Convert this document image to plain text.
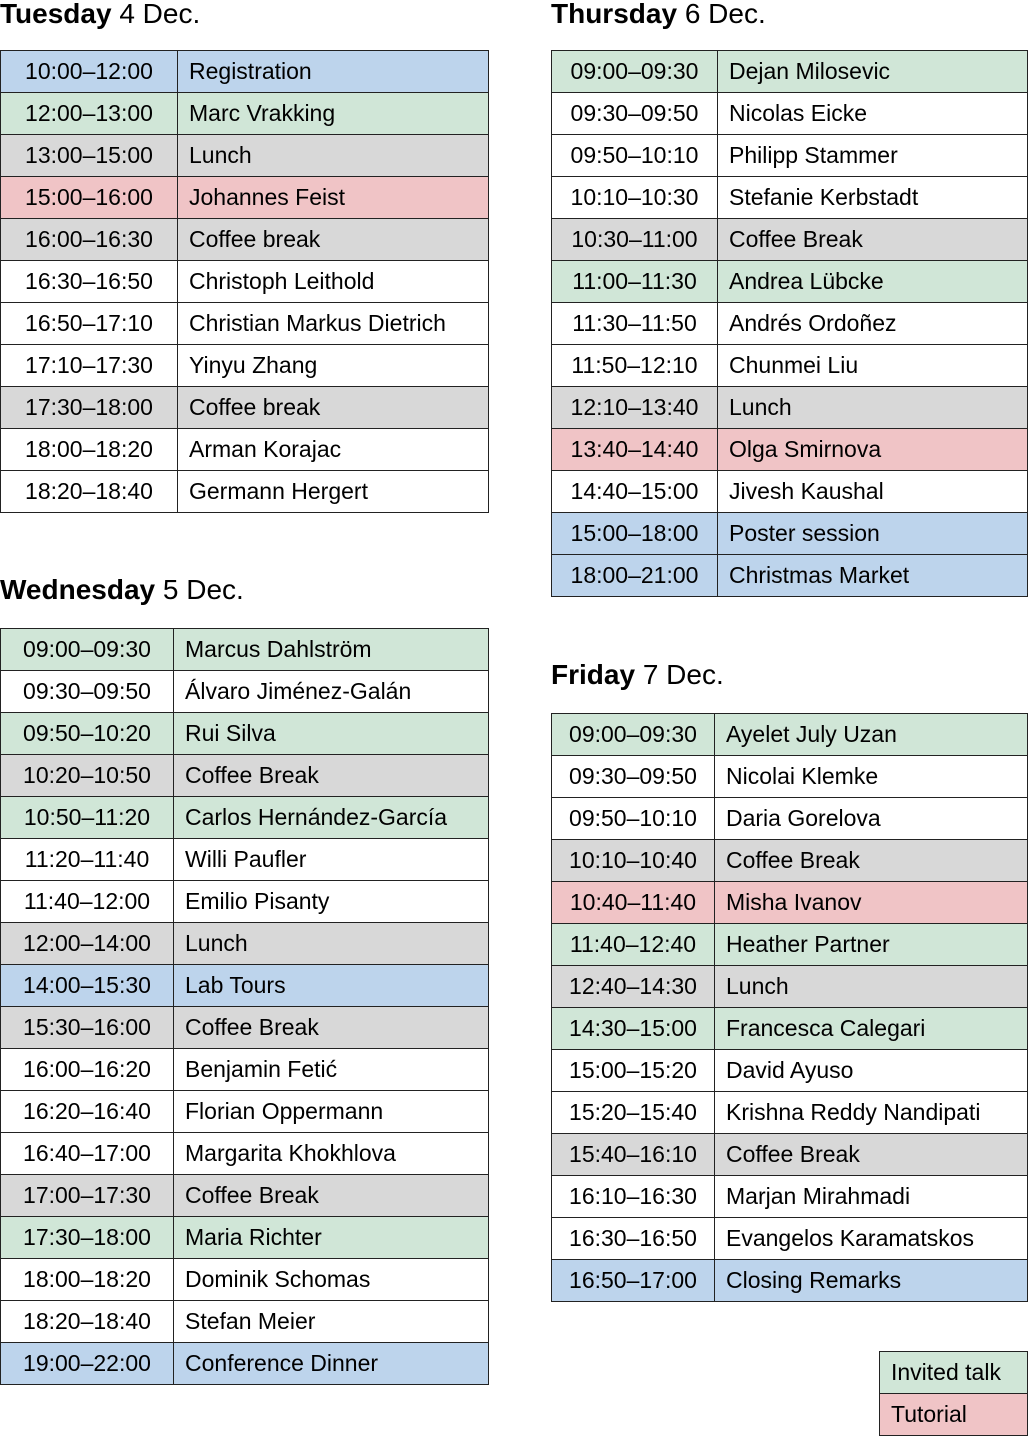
Tuesday 4 Dec.
10:00–12:00	Registration
12:00–13:00	Marc Vrakking
13:00–15:00	Lunch
15:00–16:00	Johannes Feist
16:00–16:30	Coffee break
16:30–16:50	Christoph Leithold
16:50–17:10	Christian Markus Dietrich
17:10–17:30	Yinyu Zhang
17:30–18:00	Coffee break
18:00–18:20	Arman Korajac
18:20–18:40	Germann Hergert
Wednesday 5 Dec.
09:00–09:30	Marcus Dahlström
09:30–09:50	Álvaro Jiménez-Galán
09:50–10:20	Rui Silva
10:20–10:50	Coffee Break
10:50–11:20	Carlos Hernández-García
11:20–11:40	Willi Paufler
11:40–12:00	Emilio Pisanty
12:00–14:00	Lunch
14:00–15:30	Lab Tours
15:30–16:00	Coffee Break
16:00–16:20	Benjamin Fetić
16:20–16:40	Florian Oppermann
16:40–17:00	Margarita Khokhlova
17:00–17:30	Coffee Break
17:30–18:00	Maria Richter
18:00–18:20	Dominik Schomas
18:20–18:40	Stefan Meier
19:00–22:00	Conference Dinner
Thursday 6 Dec.
09:00–09:30	Dejan Milosevic
09:30–09:50	Nicolas Eicke
09:50–10:10	Philipp Stammer
10:10–10:30	Stefanie Kerbstadt
10:30–11:00	Coffee Break
11:00–11:30	Andrea Lübcke
11:30–11:50	Andrés Ordoñez
11:50–12:10	Chunmei Liu
12:10–13:40	Lunch
13:40–14:40	Olga Smirnova
14:40–15:00	Jivesh Kaushal
15:00–18:00	Poster session
18:00–21:00	Christmas Market
Friday 7 Dec.
09:00–09:30	Ayelet July Uzan
09:30–09:50	Nicolai Klemke
09:50–10:10	Daria Gorelova
10:10–10:40	Coffee Break
10:40–11:40	Misha Ivanov
11:40–12:40	Heather Partner
12:40–14:30	Lunch
14:30–15:00	Francesca Calegari
15:00–15:20	David Ayuso
15:20–15:40	Krishna Reddy Nandipati
15:40–16:10	Coffee Break
16:10–16:30	Marjan Mirahmadi
16:30–16:50	Evangelos Karamatskos
16:50–17:00	Closing Remarks
Invited talk
Tutorial
